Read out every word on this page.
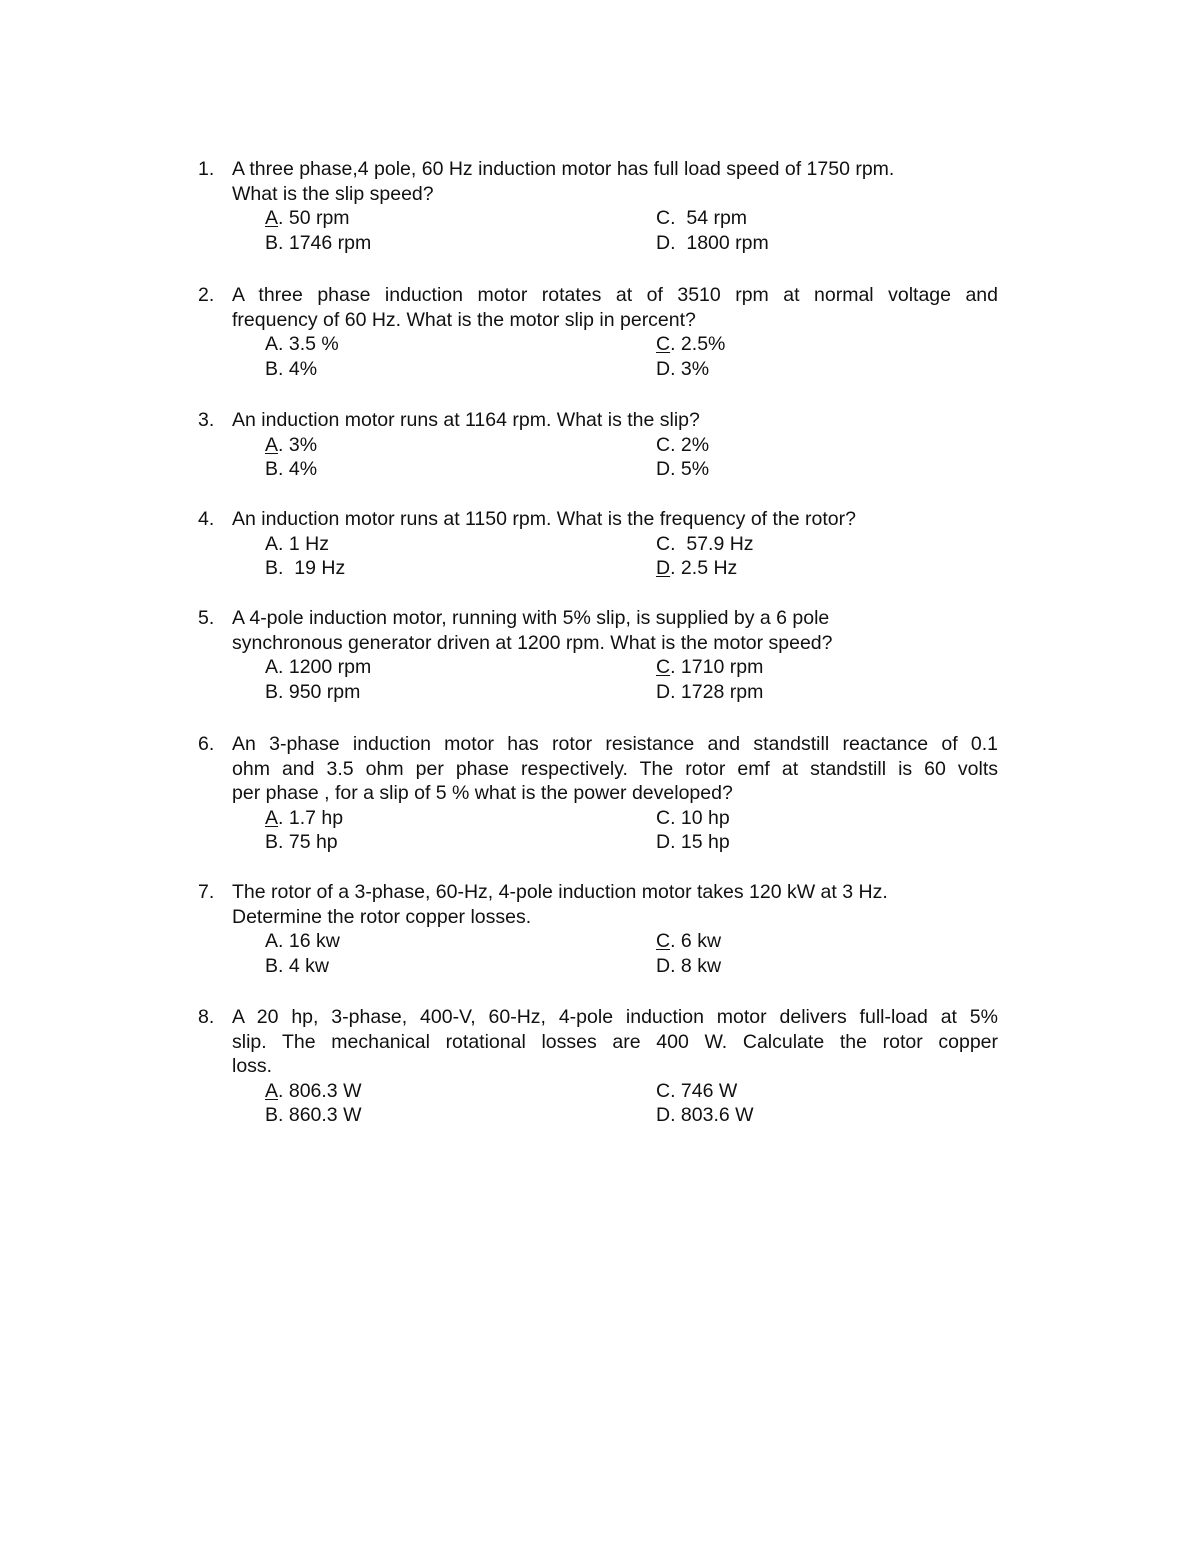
1. A three phase,4 pole, 60 Hz induction motor has full load speed of 1750 rpm.
What is the slip speed?
A. 50 rpm	C.  54 rpm
B. 1746 rpm	D.  1800 rpm
2. A three phase induction motor rotates at of 3510 rpm at normal voltage and
frequency of 60 Hz. What is the motor slip in percent?
A. 3.5 %	C. 2.5%
B. 4%	D. 3%
3. An induction motor runs at 1164 rpm. What is the slip?
A. 3%	C. 2%
B. 4%	D. 5%
4. An induction motor runs at 1150 rpm. What is the frequency of the rotor?
A. 1 Hz	C.  57.9 Hz
B.  19 Hz	D. 2.5 Hz
5. A 4-pole induction motor, running with 5% slip, is supplied by a 6 pole
synchronous generator driven at 1200 rpm. What is the motor speed?
A. 1200 rpm	C. 1710 rpm
B. 950 rpm	D. 1728 rpm
6. An 3-phase induction motor has rotor resistance and standstill reactance of 0.1
ohm and 3.5 ohm per phase respectively. The rotor emf at standstill is 60 volts
per phase , for a slip of 5 % what is the power developed?
A. 1.7 hp	C. 10 hp
B. 75 hp	D. 15 hp
7. The rotor of a 3-phase, 60-Hz, 4-pole induction motor takes 120 kW at 3 Hz.
Determine the rotor copper losses.
A. 16 kw	C. 6 kw
B. 4 kw	D. 8 kw
8. A 20 hp, 3-phase, 400-V, 60-Hz, 4-pole induction motor delivers full-load at 5%
slip. The mechanical rotational losses are 400 W. Calculate the rotor copper
loss.
A. 806.3 W	C. 746 W
B. 860.3 W	D. 803.6 W
